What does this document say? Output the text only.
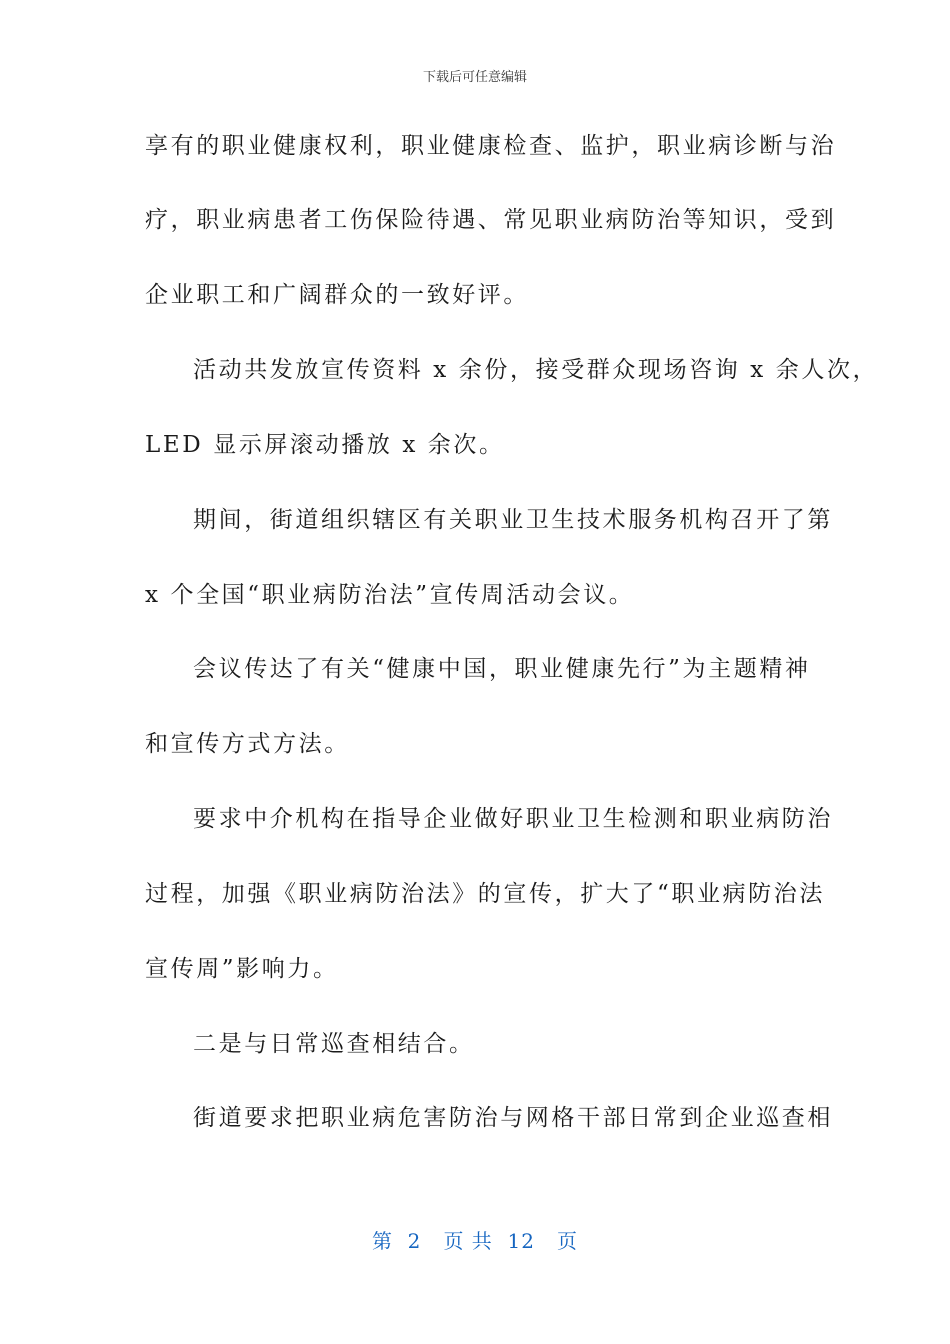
下载后可任意编辑
享有的职业健康权利，职业健康检查、监护，职业病诊断与治
疗，职业病患者工伤保险待遇、常见职业病防治等知识，受到
企业职工和广阔群众的一致好评。
活动共发放宣传资料 x 余份，接受群众现场咨询 x 余人次，
LED 显示屏滚动播放 x 余次。
期间，街道组织辖区有关职业卫生技术服务机构召开了第
x 个全国“职业病防治法”宣传周活动会议。
会议传达了有关“健康中国，职业健康先行”为主题精神
和宣传方式方法。
要求中介机构在指导企业做好职业卫生检测和职业病防治
过程，加强《职业病防治法》的宣传，扩大了“职业病防治法
宣传周”影响力。
二是与日常巡查相结合。
街道要求把职业病危害防治与网格干部日常到企业巡查相
第  2   页 共  12   页
